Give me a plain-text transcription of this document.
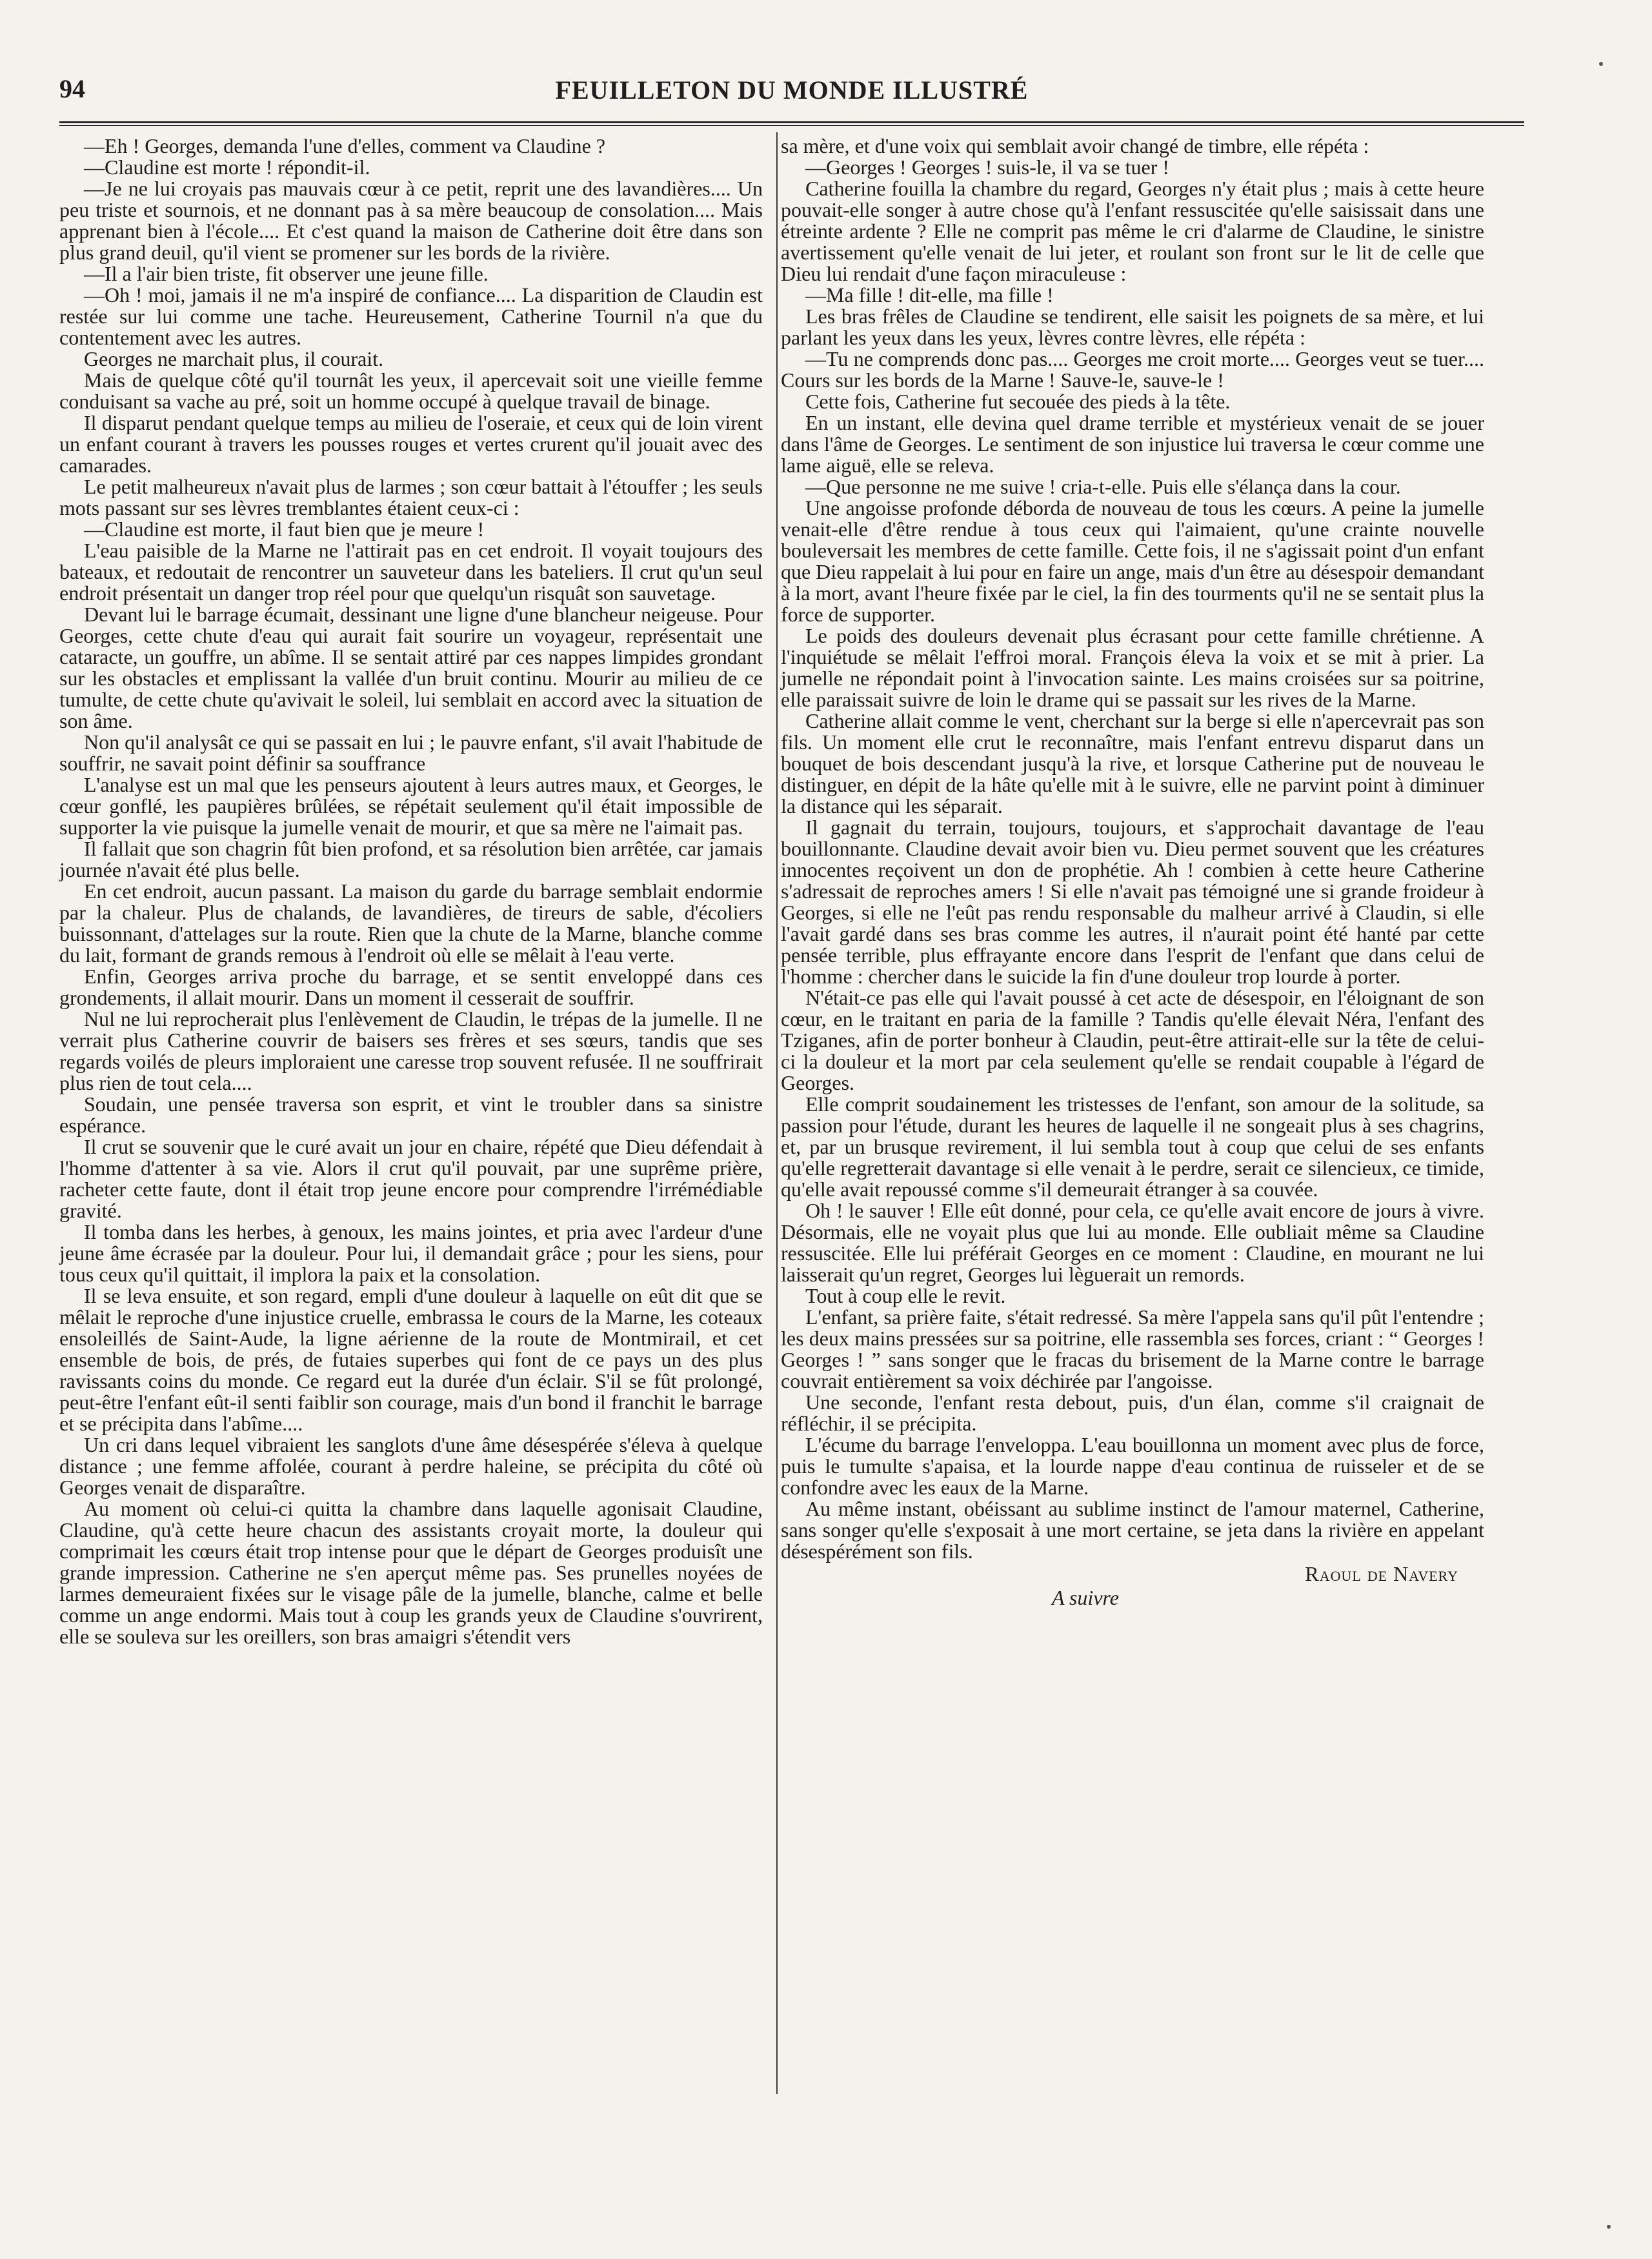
94	FEUILLETON DU MONDE ILLUSTRÉ

—Eh ! Georges, demanda l'une d'elles, comment va Claudine ?

—Claudine est morte ! répondit-il.

—Je ne lui croyais pas mauvais cœur à ce petit, reprit une des lavandières.... Un peu triste et sournois, et ne donnant pas à sa mère beaucoup de consolation.... Mais apprenant bien à l'école.... Et c'est quand la maison de Catherine doit être dans son plus grand deuil, qu'il vient se promener sur les bords de la rivière.

—Il a l'air bien triste, fit observer une jeune fille.

—Oh ! moi, jamais il ne m'a inspiré de confiance.... La disparition de Claudin est restée sur lui comme une tache. Heureusement, Catherine Tournil n'a que du contentement avec les autres.

Georges ne marchait plus, il courait.

Mais de quelque côté qu'il tournât les yeux, il apercevait soit une vieille femme conduisant sa vache au pré, soit un homme occupé à quelque travail de binage.

Il disparut pendant quelque temps au milieu de l'oseraie, et ceux qui de loin virent un enfant courant à travers les pousses rouges et vertes crurent qu'il jouait avec des camarades.

Le petit malheureux n'avait plus de larmes ; son cœur battait à l'étouffer ; les seuls mots passant sur ses lèvres tremblantes étaient ceux-ci :

—Claudine est morte, il faut bien que je meure !

L'eau paisible de la Marne ne l'attirait pas en cet endroit. Il voyait toujours des bateaux, et redoutait de rencontrer un sauveteur dans les bateliers. Il crut qu'un seul endroit présentait un danger trop réel pour que quelqu'un risquât son sauvetage.

Devant lui le barrage écumait, dessinant une ligne d'une blancheur neigeuse. Pour Georges, cette chute d'eau qui aurait fait sourire un voyageur, représentait une cataracte, un gouffre, un abîme. Il se sentait attiré par ces nappes limpides grondant sur les obstacles et emplissant la vallée d'un bruit continu. Mourir au milieu de ce tumulte, de cette chute qu'avivait le soleil, lui semblait en accord avec la situation de son âme.

Non qu'il analysât ce qui se passait en lui ; le pauvre enfant, s'il avait l'habitude de souffrir, ne savait point définir sa souffrance

L'analyse est un mal que les penseurs ajoutent à leurs autres maux, et Georges, le cœur gonflé, les paupières brûlées, se répétait seulement qu'il était impossible de supporter la vie puisque la jumelle venait de mourir, et que sa mère ne l'aimait pas.

Il fallait que son chagrin fût bien profond, et sa résolution bien arrêtée, car jamais journée n'avait été plus belle.

En cet endroit, aucun passant. La maison du garde du barrage semblait endormie par la chaleur. Plus de chalands, de lavandières, de tireurs de sable, d'écoliers buissonnant, d'attelages sur la route. Rien que la chute de la Marne, blanche comme du lait, formant de grands remous à l'endroit où elle se mêlait à l'eau verte.

Enfin, Georges arriva proche du barrage, et se sentit enveloppé dans ces grondements, il allait mourir. Dans un moment il cesserait de souffrir.

Nul ne lui reprocherait plus l'enlèvement de Claudin, le trépas de la jumelle. Il ne verrait plus Catherine couvrir de baisers ses frères et ses sœurs, tandis que ses regards voilés de pleurs imploraient une caresse trop souvent refusée. Il ne souffrirait plus rien de tout cela....

Soudain, une pensée traversa son esprit, et vint le troubler dans sa sinistre espérance.

Il crut se souvenir que le curé avait un jour en chaire, répété que Dieu défendait à l'homme d'attenter à sa vie. Alors il crut qu'il pouvait, par une suprême prière, racheter cette faute, dont il était trop jeune encore pour comprendre l'irrémédiable gravité.

Il tomba dans les herbes, à genoux, les mains jointes, et pria avec l'ardeur d'une jeune âme écrasée par la douleur. Pour lui, il demandait grâce ; pour les siens, pour tous ceux qu'il quittait, il implora la paix et la consolation.

Il se leva ensuite, et son regard, empli d'une douleur à laquelle on eût dit que se mêlait le reproche d'une injustice cruelle, embrassa le cours de la Marne, les coteaux ensoleillés de Saint-Aude, la ligne aérienne de la route de Montmirail, et cet ensemble de bois, de prés, de futaies superbes qui font de ce pays un des plus ravissants coins du monde. Ce regard eut la durée d'un éclair. S'il se fût prolongé, peut-être l'enfant eût-il senti faiblir son courage, mais d'un bond il franchit le barrage et se précipita dans l'abîme....

Un cri dans lequel vibraient les sanglots d'une âme désespérée s'éleva à quelque distance ; une femme affolée, courant à perdre haleine, se précipita du côté où Georges venait de disparaître.

Au moment où celui-ci quitta la chambre dans laquelle agonisait Claudine, Claudine, qu'à cette heure chacun des assistants croyait morte, la douleur qui comprimait les cœurs était trop intense pour que le départ de Georges produisît une grande impression. Catherine ne s'en aperçut même pas. Ses prunelles noyées de larmes demeuraient fixées sur le visage pâle de la jumelle, blanche, calme et belle comme un ange endormi. Mais tout à coup les grands yeux de Claudine s'ouvrirent, elle se souleva sur les oreillers, son bras amaigri s'étendit vers

sa mère, et d'une voix qui semblait avoir changé de timbre, elle répéta :

—Georges ! Georges ! suis-le, il va se tuer !

Catherine fouilla la chambre du regard, Georges n'y était plus ; mais à cette heure pouvait-elle songer à autre chose qu'à l'enfant ressuscitée qu'elle saisissait dans une étreinte ardente ? Elle ne comprit pas même le cri d'alarme de Claudine, le sinistre avertissement qu'elle venait de lui jeter, et roulant son front sur le lit de celle que Dieu lui rendait d'une façon miraculeuse :

—Ma fille ! dit-elle, ma fille !

Les bras frêles de Claudine se tendirent, elle saisit les poignets de sa mère, et lui parlant les yeux dans les yeux, lèvres contre lèvres, elle répéta :

—Tu ne comprends donc pas.... Georges me croit morte.... Georges veut se tuer.... Cours sur les bords de la Marne ! Sauve-le, sauve-le !

Cette fois, Catherine fut secouée des pieds à la tête.

En un instant, elle devina quel drame terrible et mystérieux venait de se jouer dans l'âme de Georges. Le sentiment de son injustice lui traversa le cœur comme une lame aiguë, elle se releva.

—Que personne ne me suive ! cria-t-elle. Puis elle s'élança dans la cour.

Une angoisse profonde déborda de nouveau de tous les cœurs. A peine la jumelle venait-elle d'être rendue à tous ceux qui l'aimaient, qu'une crainte nouvelle bouleversait les membres de cette famille. Cette fois, il ne s'agissait point d'un enfant que Dieu rappelait à lui pour en faire un ange, mais d'un être au désespoir demandant à la mort, avant l'heure fixée par le ciel, la fin des tourments qu'il ne se sentait plus la force de supporter.

Le poids des douleurs devenait plus écrasant pour cette famille chrétienne. A l'inquiétude se mêlait l'effroi moral. François éleva la voix et se mit à prier. La jumelle ne répondait point à l'invocation sainte. Les mains croisées sur sa poitrine, elle paraissait suivre de loin le drame qui se passait sur les rives de la Marne.

Catherine allait comme le vent, cherchant sur la berge si elle n'apercevrait pas son fils. Un moment elle crut le reconnaître, mais l'enfant entrevu disparut dans un bouquet de bois descendant jusqu'à la rive, et lorsque Catherine put de nouveau le distinguer, en dépit de la hâte qu'elle mit à le suivre, elle ne parvint point à diminuer la distance qui les séparait.

Il gagnait du terrain, toujours, toujours, et s'approchait davantage de l'eau bouillonnante. Claudine devait avoir bien vu. Dieu permet souvent que les créatures innocentes reçoivent un don de prophétie. Ah ! combien à cette heure Catherine s'adressait de reproches amers ! Si elle n'avait pas témoigné une si grande froideur à Georges, si elle ne l'eût pas rendu responsable du malheur arrivé à Claudin, si elle l'avait gardé dans ses bras comme les autres, il n'aurait point été hanté par cette pensée terrible, plus effrayante encore dans l'esprit de l'enfant que dans celui de l'homme : chercher dans le suicide la fin d'une douleur trop lourde à porter.

N'était-ce pas elle qui l'avait poussé à cet acte de désespoir, en l'éloignant de son cœur, en le traitant en paria de la famille ? Tandis qu'elle élevait Néra, l'enfant des Tziganes, afin de porter bonheur à Claudin, peut-être attirait-elle sur la tête de celui-ci la douleur et la mort par cela seulement qu'elle se rendait coupable à l'égard de Georges.

Elle comprit soudainement les tristesses de l'enfant, son amour de la solitude, sa passion pour l'étude, durant les heures de laquelle il ne songeait plus à ses chagrins, et, par un brusque revirement, il lui sembla tout à coup que celui de ses enfants qu'elle regretterait davantage si elle venait à le perdre, serait ce silencieux, ce timide, qu'elle avait repoussé comme s'il demeurait étranger à sa couvée.

Oh ! le sauver ! Elle eût donné, pour cela, ce qu'elle avait encore de jours à vivre. Désormais, elle ne voyait plus que lui au monde. Elle oubliait même sa Claudine ressuscitée. Elle lui préférait Georges en ce moment : Claudine, en mourant ne lui laisserait qu'un regret, Georges lui lèguerait un remords.

Tout à coup elle le revit.

L'enfant, sa prière faite, s'était redressé. Sa mère l'appela sans qu'il pût l'entendre ; les deux mains pressées sur sa poitrine, elle rassembla ses forces, criant : “ Georges ! Georges ! ” sans songer que le fracas du brisement de la Marne contre le barrage couvrait entièrement sa voix déchirée par l'angoisse.

Une seconde, l'enfant resta debout, puis, d'un élan, comme s'il craignait de réfléchir, il se précipita.

L'écume du barrage l'enveloppa. L'eau bouillonna un moment avec plus de force, puis le tumulte s'apaisa, et la lourde nappe d'eau continua de ruisseler et de se confondre avec les eaux de la Marne.

Au même instant, obéissant au sublime instinct de l'amour maternel, Catherine, sans songer qu'elle s'exposait à une mort certaine, se jeta dans la rivière en appelant désespérément son fils.

Raoul de Navery

A suivre
